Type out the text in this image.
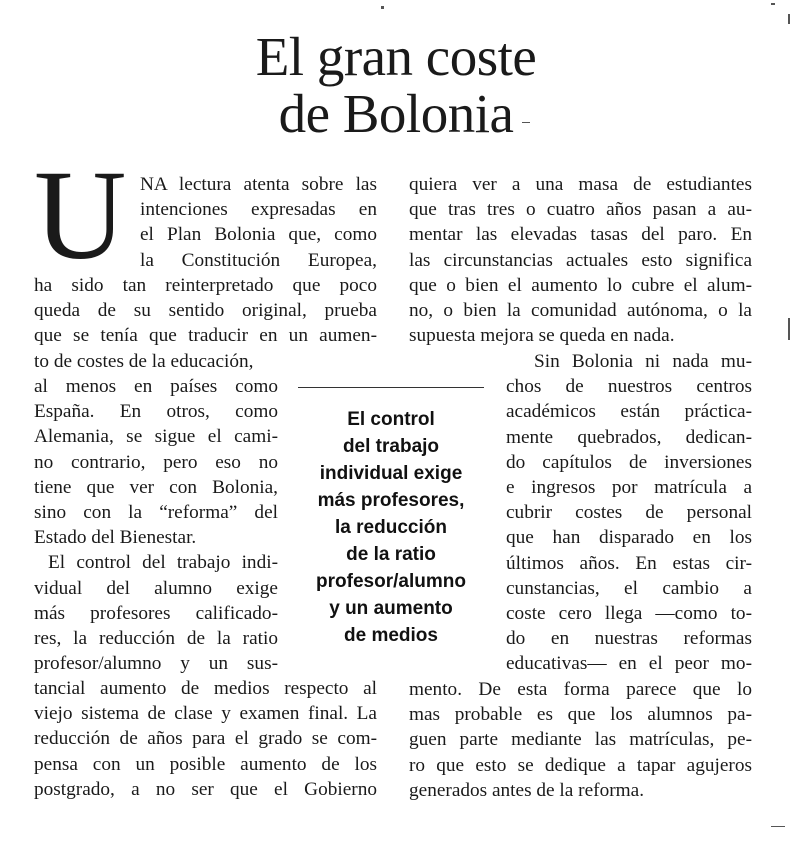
El gran coste
de Bolonia
U NA lectura atenta sobre las
intenciones expresadas en
el Plan Bolonia que, como
la Constitución Europea,
ha sido tan reinterpretado que poco
queda de su sentido original, prueba
que se tenía que traducir en un aumen-
to de costes de la educación,
al menos en países como
España. En otros, como
Alemania, se sigue el cami-
no contrario, pero eso no
tiene que ver con Bolonia,
sino con la “reforma” del
Estado del Bienestar.
El control del trabajo indi-
vidual del alumno exige
más profesores calificado-
res, la reducción de la ratio
profesor/alumno y un sus-
tancial aumento de medios respecto al
viejo sistema de clase y examen final. La
reducción de años para el grado se com-
pensa con un posible aumento de los
postgrado, a no ser que el Gobierno
El control
del trabajo
individual exige
más profesores,
la reducción
de la ratio
profesor/alumno
y un aumento
de medios
quiera ver a una masa de estudiantes
que tras tres o cuatro años pasan a au-
mentar las elevadas tasas del paro. En
las circunstancias actuales esto significa
que o bien el aumento lo cubre el alum-
no, o bien la comunidad autónoma, o la
supuesta mejora se queda en nada.
Sin Bolonia ni nada mu-
chos de nuestros centros
académicos están práctica-
mente quebrados, dedican-
do capítulos de inversiones
e ingresos por matrícula a
cubrir costes de personal
que han disparado en los
últimos años. En estas cir-
cunstancias, el cambio a
coste cero llega —como to-
do en nuestras reformas
educativas— en el peor mo-
mento. De esta forma parece que lo
mas probable es que los alumnos pa-
guen parte mediante las matrículas, pe-
ro que esto se dedique a tapar agujeros
generados antes de la reforma.
